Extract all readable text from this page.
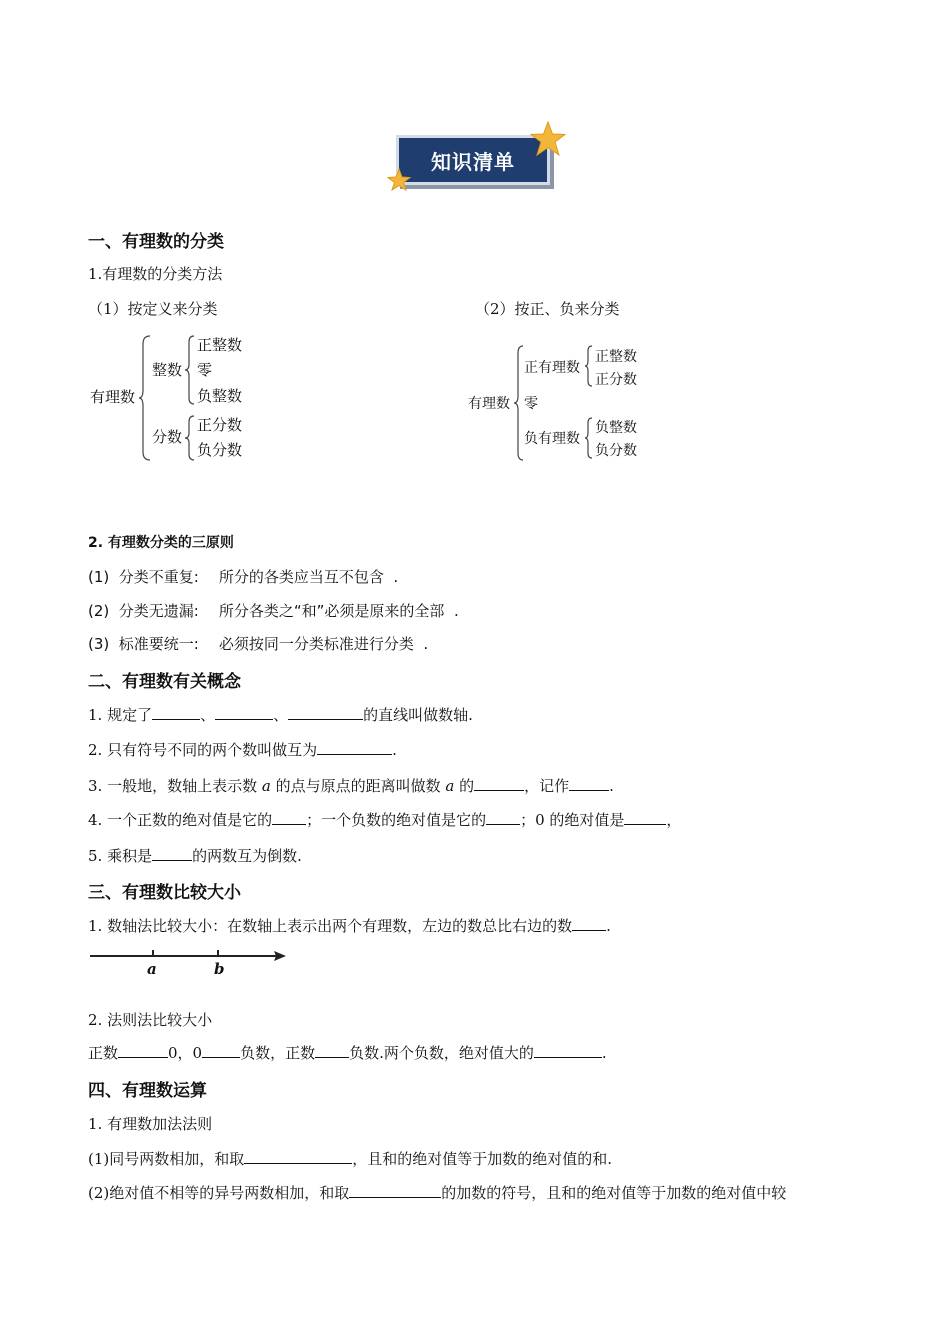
知识清单
一、有理数的分类
1.有理数的分类方法
（1）按定义来分类	（2）按正、负来分类
有理数
整数
正整数
零
负整数
分数
正分数
负分数
有理数
正有理数
正整数
正分数
零
负有理数
负整数
负分数
2. 有理数分类的三原则
(1) 分类不重复: 所分的各类应当互不包含 .
(2) 分类无遗漏: 所分各类之“和”必须是原来的全部 .
(3) 标准要统一: 必须按同一分类标准进行分类 .
二、有理数有关概念
1. 规定了	、	、	的直线叫做数轴.
2. 只有符号不同的两个数叫做互为	.
3. 一般地，数轴上表示数 a 的点与原点的距离叫做数 a 的	，记作	.
4. 一个正数的绝对值是它的 ；一个负数的绝对值是它的 ；0 的绝对值是	，
5. 乘积是	的两数互为倒数.
三、有理数比较大小
1. 数轴法比较大小：在数轴上表示出两个有理数，左边的数总比右边的数 .
a	b
2. 法则法比较大小
正数	0，0	负数，正数 负数.两个负数，绝对值大的	.
四、有理数运算
1. 有理数加法法则
(1)同号两数相加，和取	，且和的绝对值等于加数的绝对值的和.
(2)绝对值不相等的异号两数相加，和取	的加数的符号，且和的绝对值等于加数的绝对值中较
